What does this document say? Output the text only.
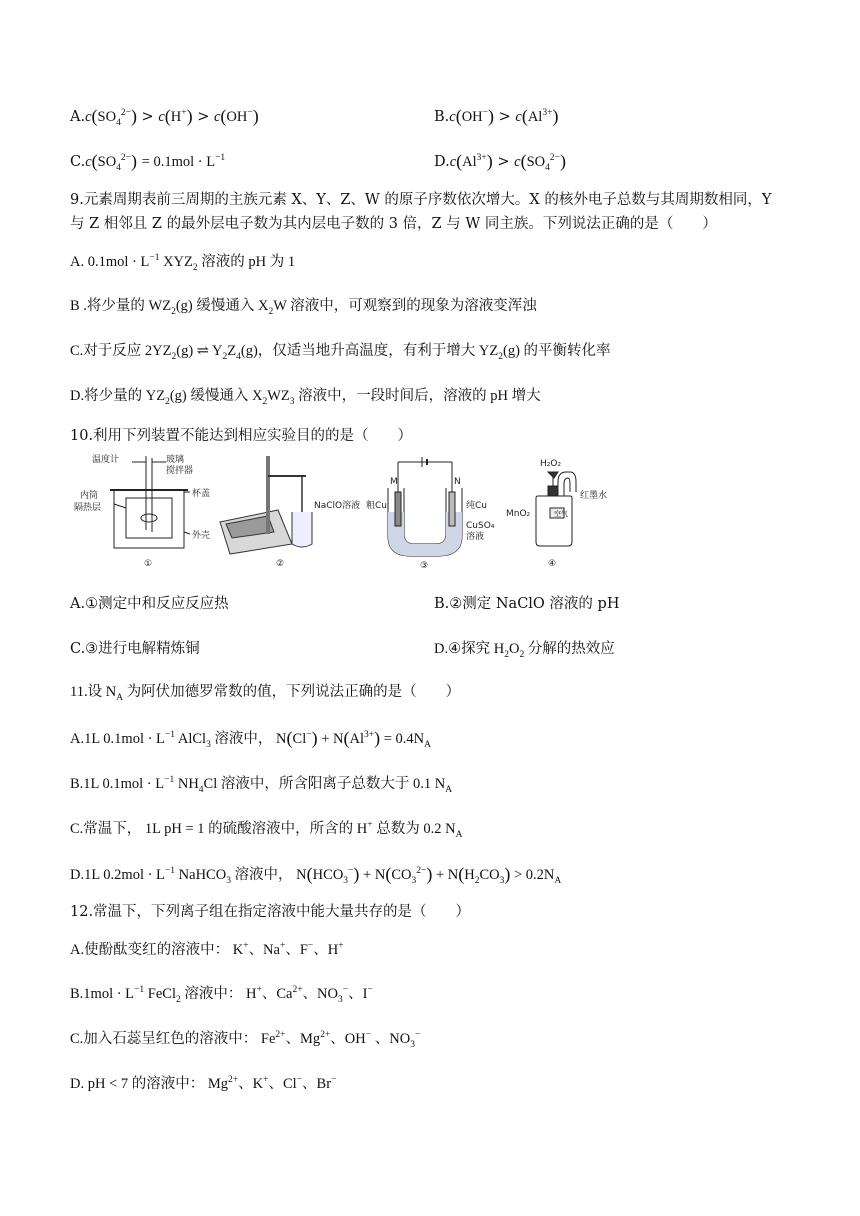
$A.c(SO_4^{2-}) > c(H^+) > c(OH^-)$	$B.c(OH^-) > c(Al^{3+})$
$C.c(SO_4^{2-}) = 0.1mol \cdot L^{-1}$	$D.c(Al^{3+}) > c(SO_4^{2-})$
9.元素周期表前三周期的主族元素 X、Y、Z、W 的原子序数依次增大。X 的核外电子总数与其周期数相同，Y
与 Z 相邻且 Z 的最外层电子数为其内层电子数的 3 倍，Z 与 W 同主族。下列说法正确的是（　　）
A. $0.1mol \cdot L^{-1}$ $XYZ_2$ 溶液的 pH 为 1
B .将少量的 $WZ_2(g)$ 缓慢通入 $X_2W$ 溶液中，可观察到的现象为溶液变浑浊
C.对于反应 $2YZ_2(g)$ ⇌ $Y_2Z_4(g)$，仅适当地升高温度，有利于增大 $YZ_2(g)$ 的平衡转化率
D.将少量的 $YZ_2(g)$ 缓慢通入 $X_2WZ_3$ 溶液中，一段时间后，溶液的 pH 增大
10.利用下列装置不能达到相应实验目的的是（　　）
温度计	玻璃
搅拌器
内筒
隔热层
杯盖
外壳
①
NaClO溶液
②
M	N
粗Cu	纯Cu
CuSO₄
溶液
③
H₂O₂
MnO₂	空气
红墨水
④
A.①测定中和反应反应热	B.②测定 NaClO 溶液的 pH
C.③进行电解精炼铜	D.④探究 $H_2O_2$ 分解的热效应
11.设 $N_A$ 为阿伏加德罗常数的值，下列说法正确的是（　　）
A.1L $0.1mol \cdot L^{-1}$ AlCl$_3$ 溶液中， $N(Cl^-) + N(Al^{3+}) = 0.4N_A$
B.1L $0.1mol \cdot L^{-1}$ $NH_4Cl$ 溶液中，所含阳离子总数大于 0.1 $N_A$
C.常温下， 1L pH = 1 的硫酸溶液中，所含的 H+ 总数为 0.2 $N_A$
D.1L $0.2mol \cdot L^{-1}$ NaHCO$_3$ 溶液中， $N(HCO_3^-) + N(CO_3^{2-}) + N(H_2CO_3) > 0.2N_A$
12.常温下，下列离子组在指定溶液中能大量共存的是（　　）
A.使酚酞变红的溶液中： K+、Na+、F−、H+
$B.1mol \cdot L^{-1}$ FeCl$_2$ 溶液中： H+、$Ca^{2+}$、$NO_3^-$、I−
C.加入石蕊呈红色的溶液中： $Fe^{2+}$、$Mg^{2+}$、OH− 、$NO_3^-$
D. pH < 7 的溶液中： $Mg^{2+}$、K+、Cl−、Br−
